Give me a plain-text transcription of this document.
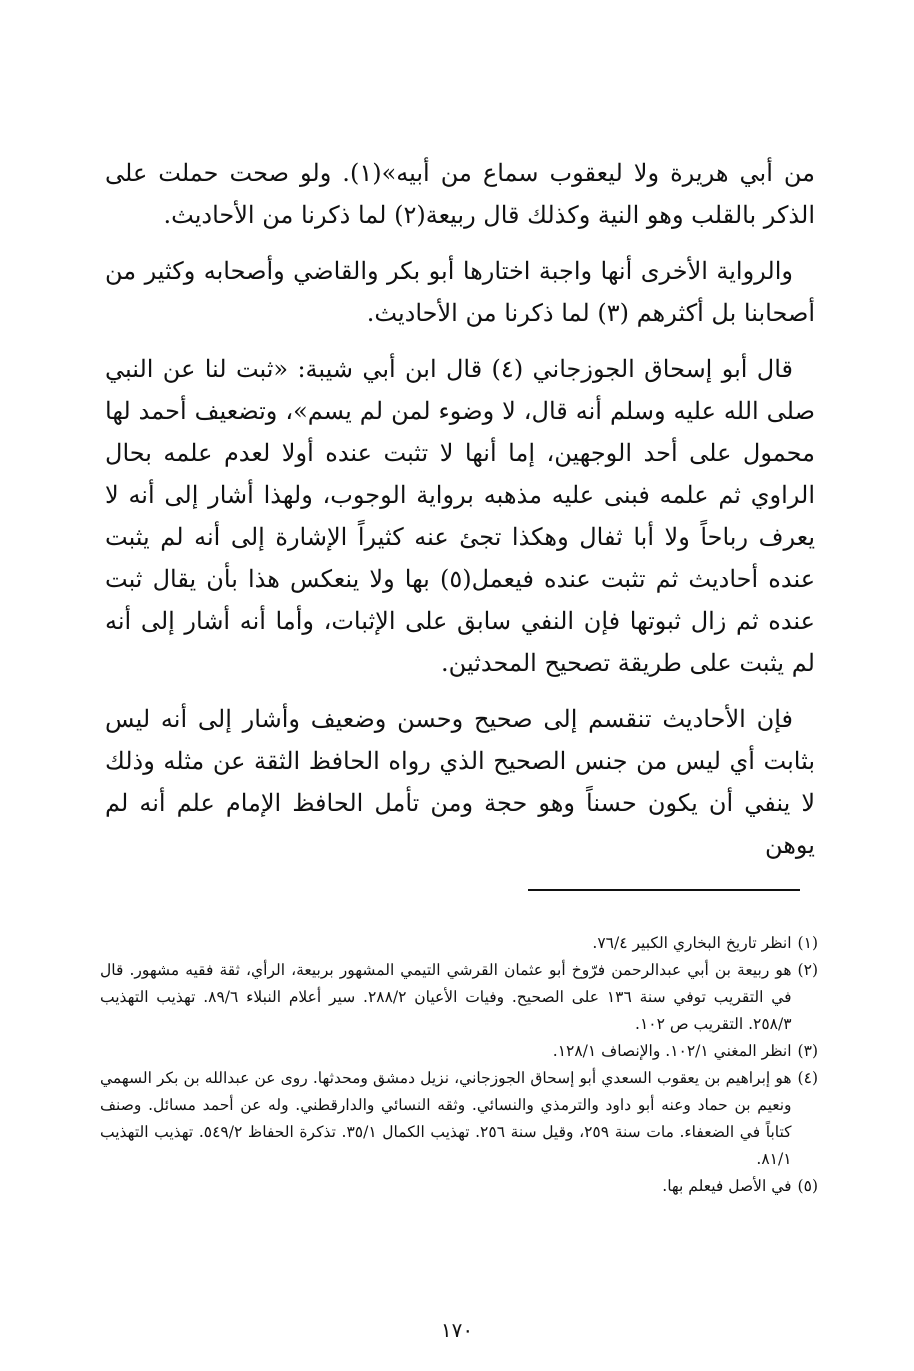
من أبي هريرة ولا ليعقوب سماع من أبيه»(١). ولو صحت حملت على الذكر بالقلب وهو النية وكذلك قال ربيعة(٢) لما ذكرنا من الأحاديث.

والرواية الأخرى أنها واجبة اختارها أبو بكر والقاضي وأصحابه وكثير من أصحابنا بل أكثرهم (٣) لما ذكرنا من الأحاديث.

قال أبو إسحاق الجوزجاني (٤) قال ابن أبي شيبة: «ثبت لنا عن النبي صلى الله عليه وسلم أنه قال، لا وضوء لمن لم يسم»، وتضعيف أحمد لها محمول على أحد الوجهين، إما أنها لا تثبت عنده أولا لعدم علمه بحال الراوي ثم علمه فبنى عليه مذهبه برواية الوجوب، ولهذا أشار إلى أنه لا يعرف رباحاً ولا أبا ثفال وهكذا تجئ عنه كثيراً الإشارة إلى أنه لم يثبت عنده أحاديث ثم تثبت عنده فيعمل(٥) بها ولا ينعكس هذا بأن يقال ثبت عنده ثم زال ثبوتها فإن النفي سابق على الإثبات، وأما أنه أشار إلى أنه لم يثبت على طريقة تصحيح المحدثين.

فإن الأحاديث تنقسم إلى صحيح وحسن وضعيف وأشار إلى أنه ليس بثابت أي ليس من جنس الصحيح الذي رواه الحافظ الثقة عن مثله وذلك لا ينفي أن يكون حسناً وهو حجة ومن تأمل الحافظ الإمام علم أنه لم يوهن

(١)
انظر تاريخ البخاري الكبير ٧٦/٤.
(٢)
هو ربيعة بن أبي عبدالرحمن فرّوخ أبو عثمان القرشي التيمي المشهور بربيعة، الرأي، ثقة فقيه مشهور. قال في التقريب توفي سنة ١٣٦ على الصحيح. وفيات الأعيان ٢٨٨/٢. سير أعلام النبلاء ٨٩/٦. تهذيب التهذيب ٢٥٨/٣. التقريب ص ١٠٢.
(٣)
انظر المغني ١٠٢/١. والإنصاف ١٢٨/١.
(٤)
هو إبراهيم بن يعقوب السعدي أبو إسحاق الجوزجاني، نزيل دمشق ومحدثها. روى عن عبدالله بن بكر السهمي ونعيم بن حماد وعنه أبو داود والترمذي والنسائي. وثقه النسائي والدارقطني. وله عن أحمد مسائل. وصنف كتاباً في الضعفاء. مات سنة ٢٥٩، وقيل سنة ٢٥٦. تهذيب الكمال ٣٥/١. تذكرة الحفاظ ٥٤٩/٢. تهذيب التهذيب ٨١/١.
(٥)
في الأصل فيعلم بها.
١٧٠
